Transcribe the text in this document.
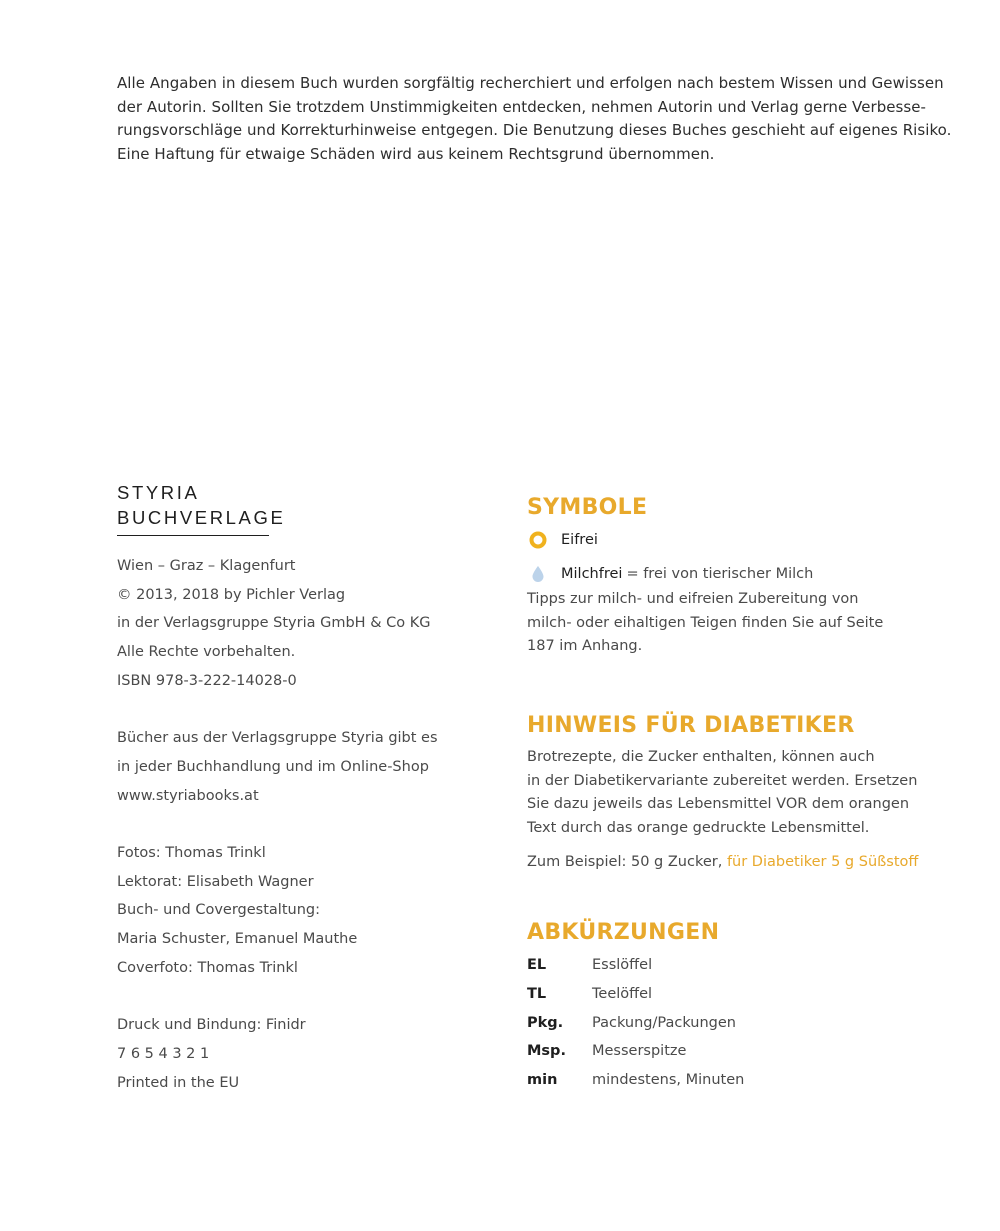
Alle Angaben in diesem Buch wurden sorgfältig recherchiert und erfolgen nach bestem Wissen und Gewissen
der Autorin. Sollten Sie trotzdem Unstimmigkeiten entdecken, nehmen Autorin und Verlag gerne Verbesse-
rungsvorschläge und Korrekturhinweise entgegen. Die Benutzung dieses Buches geschieht auf eigenes Risiko.
Eine Haftung für etwaige Schäden wird aus keinem Rechtsgrund übernommen.
STYRIA
BUCHVERLAGE
Wien – Graz – Klagenfurt
© 2013, 2018 by Pichler Verlag
in der Verlagsgruppe Styria GmbH & Co KG
Alle Rechte vorbehalten.
ISBN 978-3-222-14028-0
Bücher aus der Verlagsgruppe Styria gibt es
in jeder Buchhandlung und im Online-Shop
www.styriabooks.at
Fotos: Thomas Trinkl
Lektorat: Elisabeth Wagner
Buch- und Covergestaltung:
Maria Schuster, Emanuel Mauthe
Coverfoto: Thomas Trinkl
Druck und Bindung: Finidr
7 6 5 4 3 2 1
Printed in the EU
SYMBOLE
Eifrei
Milchfrei = frei von tierischer Milch
Tipps zur milch- und eifreien Zubereitung von
milch- oder eihaltigen Teigen finden Sie auf Seite
187 im Anhang.
HINWEIS FÜR DIABETIKER
Brotrezepte, die Zucker enthalten, können auch
in der Diabetikervariante zubereitet werden. Ersetzen
Sie dazu jeweils das Lebensmittel VOR dem orangen
Text durch das orange gedruckte Lebensmittel.
Zum Beispiel: 50 g Zucker, für Diabetiker 5 g Süßstoff
ABKÜRZUNGEN
EL	Esslöffel
TL	Teelöffel
Pkg.	Packung/Packungen
Msp.	Messerspitze
min	mindestens, Minuten
